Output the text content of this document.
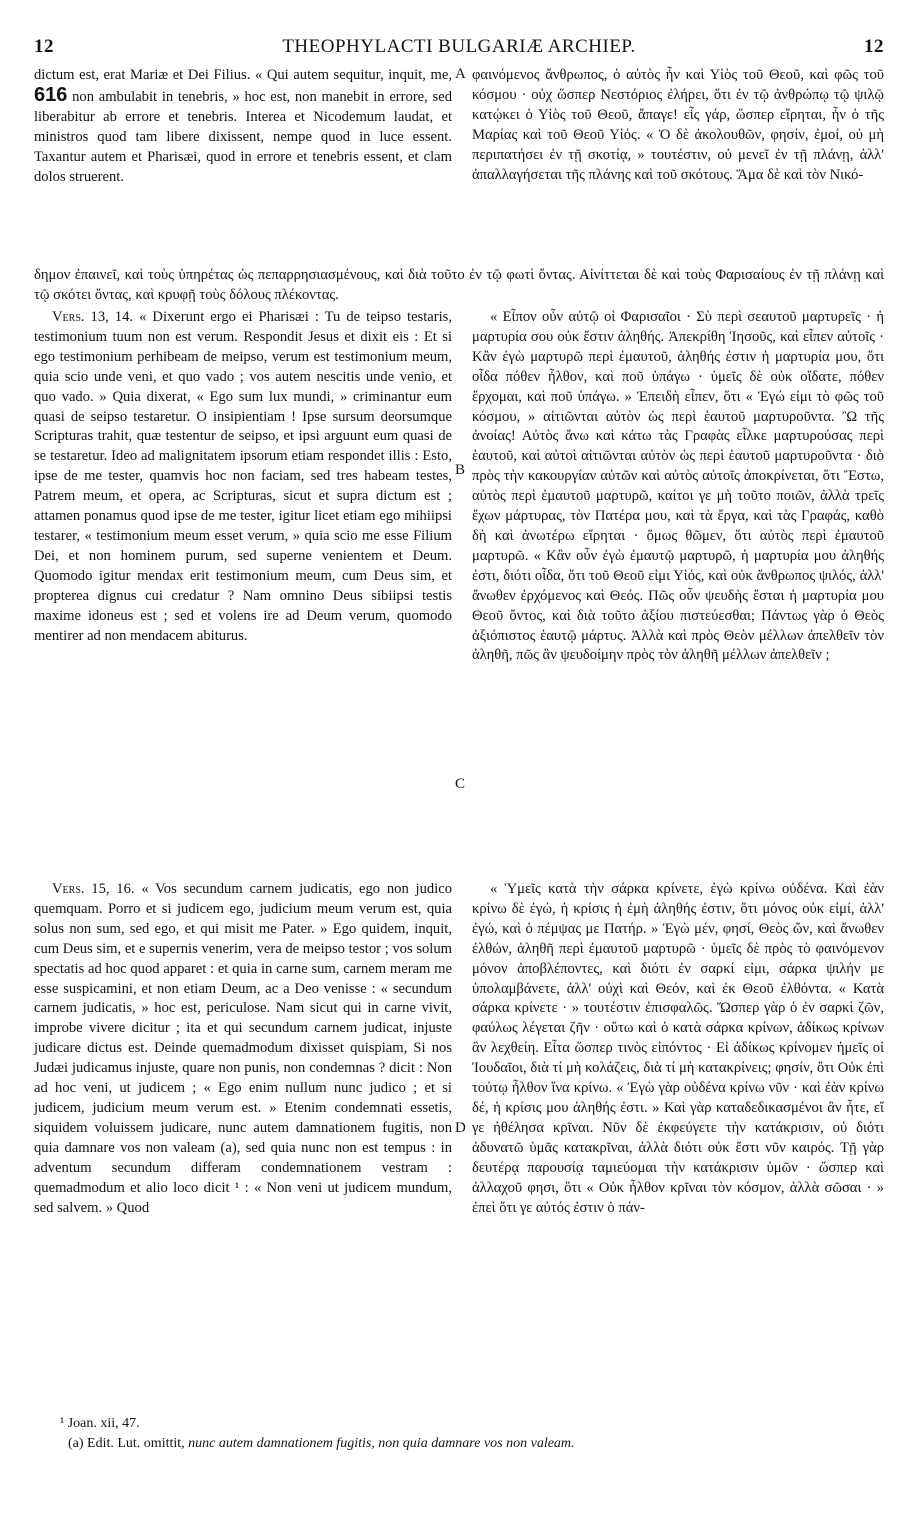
THEOPHYLACTI BULGARIÆ ARCHIEP.
12	12

dictum est, erat Mariæ et Dei Filius. « Qui autem sequitur, inquit, me, 616 non ambulabit in tenebris, » hoc est, non manebit in errore, sed liberabitur ab errore et tenebris. Interea et Nicodemum laudat, et ministros quod tam libere dixissent, nempe quod in luce essent. Taxantur autem et Pharisæi, quod in errore et tenebris essent, et clam dolos struerent.

A φαινόμενος ἄνθρωπος, ὁ αὐτὸς ἦν καὶ Υἱὸς τοῦ Θεοῦ, καὶ φῶς τοῦ κόσμου · οὐχ ὥσπερ Νεστόριος ἐλήρει, ὅτι ἐν τῷ ἀνθρώπῳ τῷ ψιλῷ κατῴκει ὁ Υἱὸς τοῦ Θεοῦ, ἄπαγε! εἷς γάρ, ὥσπερ εἴρηται, ἦν ὁ τῆς Μαρίας καὶ τοῦ Θεοῦ Υἱός. « Ὁ δὲ ἀκολουθῶν, φησίν, ἐμοί, οὐ μὴ περιπατήσει ἐν τῇ σκοτίᾳ, » τουτέστιν, οὐ μενεῖ ἐν τῇ πλάνῃ, ἀλλ' ἀπαλλαγήσεται τῆς πλάνης καὶ τοῦ σκότους. Ἅμα δὲ καὶ τὸν Νικό-

δημον ἐπαινεῖ, καὶ τοὺς ὑπηρέτας ὡς πεπαρρησιασμένους, καὶ διὰ τοῦτο ἐν τῷ φωτὶ ὄντας. Αἰνίττεται δὲ καὶ τοὺς Φαρισαίους ἐν τῇ πλάνῃ καὶ τῷ σκότει ὄντας, καὶ κρυφῇ τοὺς δόλους πλέκοντας.

Vers. 13, 14. « Dixerunt ergo ei Pharisæi : Tu de teipso testaris, testimonium tuum non est verum. Respondit Jesus et dixit eis : Et si ego testimonium perhibeam de meipso, verum est testimonium meum, quia scio unde veni, et quo vado ; vos autem nescitis unde venio, et quo vado. » Quia dixerat, « Ego sum lux mundi, » criminantur eum quasi de seipso testaretur. O insipientiam ! Ipse sursum deorsumque Scripturas trahit, quæ testentur de seipso, et ipsi arguunt eum quasi de se testaretur. Ideo ad malignitatem ipsorum etiam respondet illis : Esto, ipse de me tester, quamvis hoc non faciam, sed tres habeam testes, Patrem meum, et opera, ac Scripturas, sicut et supra dictum est ; attamen ponamus quod ipse de me tester, igitur licet etiam ego mihiipsi testarer, « testimonium meum esset verum, » quia scio me esse Filium Dei, et non hominem purum, sed superne venientem et Deum. Quomodo igitur mendax erit testimonium meum, cum Deus sim, et propterea dignus cui credatur ? Nam omnino Deus sibiipsi testis maxime idoneus est ; sed et volens ire ad Deum verum, quomodo mentirer ad non mendacem abiturus.

B
C

« Εἶπον οὖν αὐτῷ οἱ Φαρισαῖοι · Σὺ περὶ σεαυτοῦ μαρτυρεῖς · ἡ μαρτυρία σου οὐκ ἔστιν ἀληθής. Ἀπεκρίθη Ἰησοῦς, καὶ εἶπεν αὐτοῖς · Κἂν ἐγὼ μαρτυρῶ περὶ ἐμαυτοῦ, ἀληθής ἐστιν ἡ μαρτυρία μου, ὅτι οἶδα πόθεν ἦλθον, καὶ ποῦ ὑπάγω · ὑμεῖς δὲ οὐκ οἴδατε, πόθεν ἔρχομαι, καὶ ποῦ ὑπάγω. » Ἐπειδὴ εἶπεν, ὅτι « Ἐγώ εἰμι τὸ φῶς τοῦ κόσμου, » αἰτιῶνται αὐτὸν ὡς περὶ ἑαυτοῦ μαρτυροῦντα. Ὢ τῆς ἀνοίας! Αὐτὸς ἄνω καὶ κάτω τὰς Γραφὰς εἷλκε μαρτυρούσας περὶ ἑαυτοῦ, καὶ αὐτοὶ αἰτιῶνται αὐτὸν ὡς περὶ ἑαυτοῦ μαρτυροῦντα · διὸ πρὸς τὴν κακουργίαν αὐτῶν καὶ αὐτὸς αὐτοῖς ἀποκρίνεται, ὅτι Ἔστω, αὐτὸς περὶ ἐμαυτοῦ μαρτυρῶ, καίτοι γε μὴ τοῦτο ποιῶν, ἀλλὰ τρεῖς ἔχων μάρτυρας, τὸν Πατέρα μου, καὶ τὰ ἔργα, καὶ τὰς Γραφάς, καθὸ δὴ καὶ ἀνωτέρω εἴρηται · ὅμως θῶμεν, ὅτι αὐτὸς περὶ ἐμαυτοῦ μαρτυρῶ. « Κἂν οὖν ἐγὼ ἐμαυτῷ μαρτυρῶ, ἡ μαρτυρία μου ἀληθής ἐστι, διότι οἶδα, ὅτι τοῦ Θεοῦ εἰμι Υἱός, καὶ οὐκ ἄνθρωπος ψιλός, ἀλλ' ἄνωθεν ἐρχόμενος καὶ Θεός. Πῶς οὖν ψευδὴς ἔσται ἡ μαρτυρία μου Θεοῦ ὄντος, καὶ διὰ τοῦτο ἀξίου πιστεύεσθαι; Πάντως γὰρ ὁ Θεὸς ἀξιόπιστος ἑαυτῷ μάρτυς. Ἀλλὰ καὶ πρὸς Θεὸν μέλλων ἀπελθεῖν τὸν ἀληθῆ, πῶς ἂν ψευδοίμην πρὸς τὸν ἀληθῆ μέλλων ἀπελθεῖν ;

Vers. 15, 16. « Vos secundum carnem judicatis, ego non judico quemquam. Porro et si judicem ego, judicium meum verum est, quia solus non sum, sed ego, et qui misit me Pater. » Ego quidem, inquit, cum Deus sim, et e supernis venerim, vera de meipso testor ; vos solum spectatis ad hoc quod apparet : et quia in carne sum, carnem meram me esse suspicamini, et non etiam Deum, ac a Deo venisse : « secundum carnem judicatis, » hoc est, periculose. Nam sicut qui in carne vivit, improbe vivere dicitur ; ita et qui secundum carnem judicat, injuste judicare dictus est. Deinde quemadmodum dixisset quispiam, Si nos Judæi judicamus injuste, quare non punis, non condemnas ? dicit : Non ad hoc veni, ut judicem ; « Ego enim nullum nunc judico ; et si judicem, judicium meum verum est. » Etenim condemnati essetis, siquidem voluissem judicare, nunc autem damnationem fugitis, non quia damnare vos non valeam (a), sed quia nunc non est tempus : in adventum secundum differam condemnationem vestram : quemadmodum et alio loco dicit ¹ : « Non veni ut judicem mundum, sed salvem. » Quod

D

« Ὑμεῖς κατὰ τὴν σάρκα κρίνετε, ἐγὼ κρίνω οὐδένα. Καὶ ἐὰν κρίνω δὲ ἐγώ, ἡ κρίσις ἡ ἐμὴ ἀληθής ἐστιν, ὅτι μόνος οὐκ εἰμί, ἀλλ' ἐγώ, καὶ ὁ πέμψας με Πατήρ. » Ἐγὼ μέν, φησί, Θεὸς ὤν, καὶ ἄνωθεν ἐλθών, ἀληθῆ περὶ ἐμαυτοῦ μαρτυρῶ · ὑμεῖς δὲ πρὸς τὸ φαινόμενον μόνον ἀποβλέποντες, καὶ διότι ἐν σαρκί εἰμι, σάρκα ψιλήν με ὑπολαμβάνετε, ἀλλ' οὐχὶ καὶ Θεόν, καὶ ἐκ Θεοῦ ἐλθόντα. « Κατὰ σάρκα κρίνετε · » τουτέστιν ἐπισφαλῶς. Ὥσπερ γὰρ ὁ ἐν σαρκὶ ζῶν, φαύλως λέγεται ζῆν · οὕτω καὶ ὁ κατὰ σάρκα κρίνων, ἀδίκως κρίνων ἂν λεχθείη. Εἶτα ὥσπερ τινὸς εἰπόντος · Εἰ ἀδίκως κρίνομεν ἡμεῖς οἱ Ἰουδαῖοι, διὰ τί μὴ κολάζεις, διὰ τί μὴ κατακρίνεις; φησίν, ὅτι Οὐκ ἐπὶ τούτῳ ἦλθον ἵνα κρίνω. « Ἐγὼ γὰρ οὐδένα κρίνω νῦν · καὶ ἐὰν κρίνω δέ, ἡ κρίσις μου ἀληθής ἐστι. » Καὶ γὰρ καταδεδικασμένοι ἂν ἦτε, εἴ γε ἠθέλησα κρῖναι. Νῦν δὲ ἐκφεύγετε τὴν κατάκρισιν, οὐ διότι ἀδυνατῶ ὑμᾶς κατακρῖναι, ἀλλὰ διότι οὐκ ἔστι νῦν καιρός. Τῇ γὰρ δευτέρᾳ παρουσίᾳ ταμιεύομαι τὴν κατάκρισιν ὑμῶν · ὥσπερ καὶ ἀλλαχοῦ φησι, ὅτι « Οὐκ ἦλθον κρῖναι τὸν κόσμον, ἀλλὰ σῶσαι · » ἐπεὶ ὅτι γε αὐτός ἐστιν ὁ πάν-

¹ Joan. xii, 47.

(a) Edit. Lut. omittit, nunc autem damnationem fugitis, non quia damnare vos non valeam.
